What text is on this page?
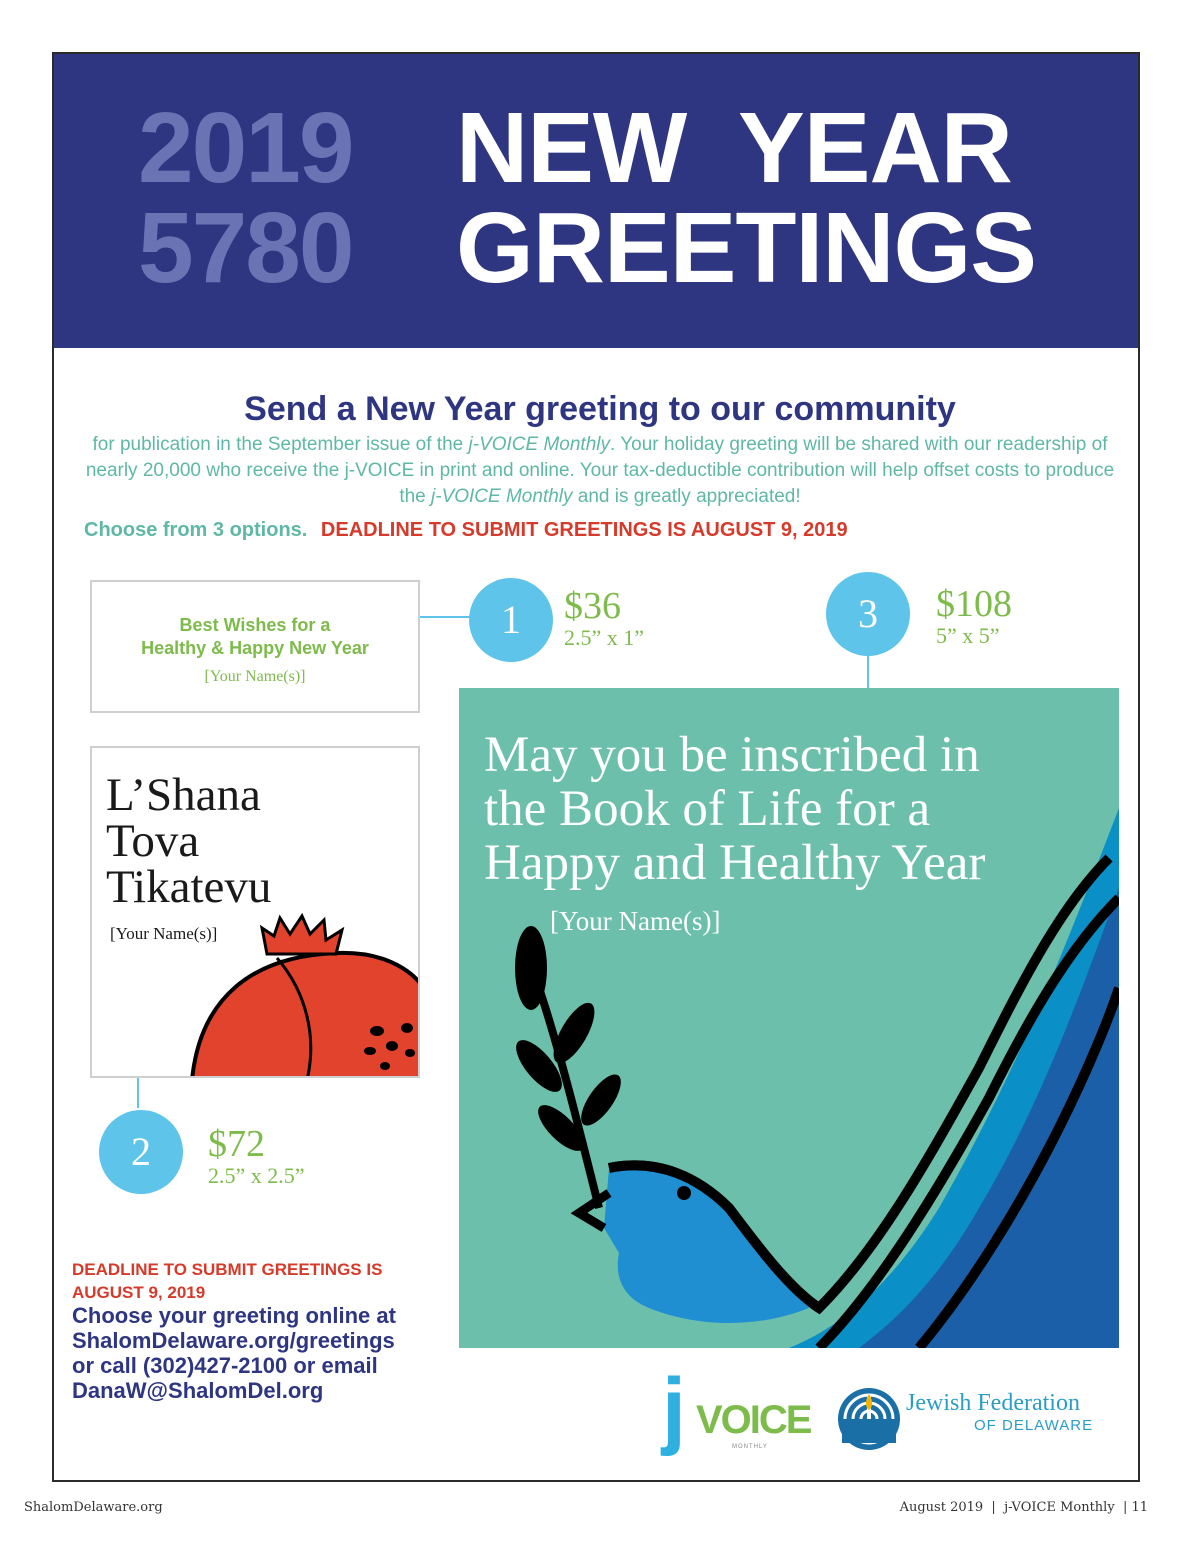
2019
5780
NEW  YEAR
GREETINGS
Send a New Year greeting to our community
for publication in the September issue of the j-VOICE Monthly. Your holiday greeting will be shared with our readership of nearly 20,000 who receive the j-VOICE in print and online. Your tax-deductible contribution will help offset costs to produce the j-VOICE Monthly and is greatly appreciated!
Choose from 3 options. DEADLINE TO SUBMIT GREETINGS IS AUGUST 9, 2019
Best Wishes for a
Healthy & Happy New Year
[Your Name(s)]
1	$36
2.5” x 1”
L’Shana
Tova
Tikatevu
[Your Name(s)]
2	$72
2.5” x 2.5”
3	$108
5” x 5”
May you be inscribed in
the Book of Life for a
Happy and Healthy Year
[Your Name(s)]
DEADLINE TO SUBMIT GREETINGS IS
AUGUST 9, 2019
Choose your greeting online at
ShalomDelaware.org/greetings
or call (302)427-2100 or email
DanaW@ShalomDel.org	j VOICE
MONTHLY
Jewish Federation
OF DELAWARE
ShalomDelaware.org	August 2019  |  j-VOICE Monthly  | 11
